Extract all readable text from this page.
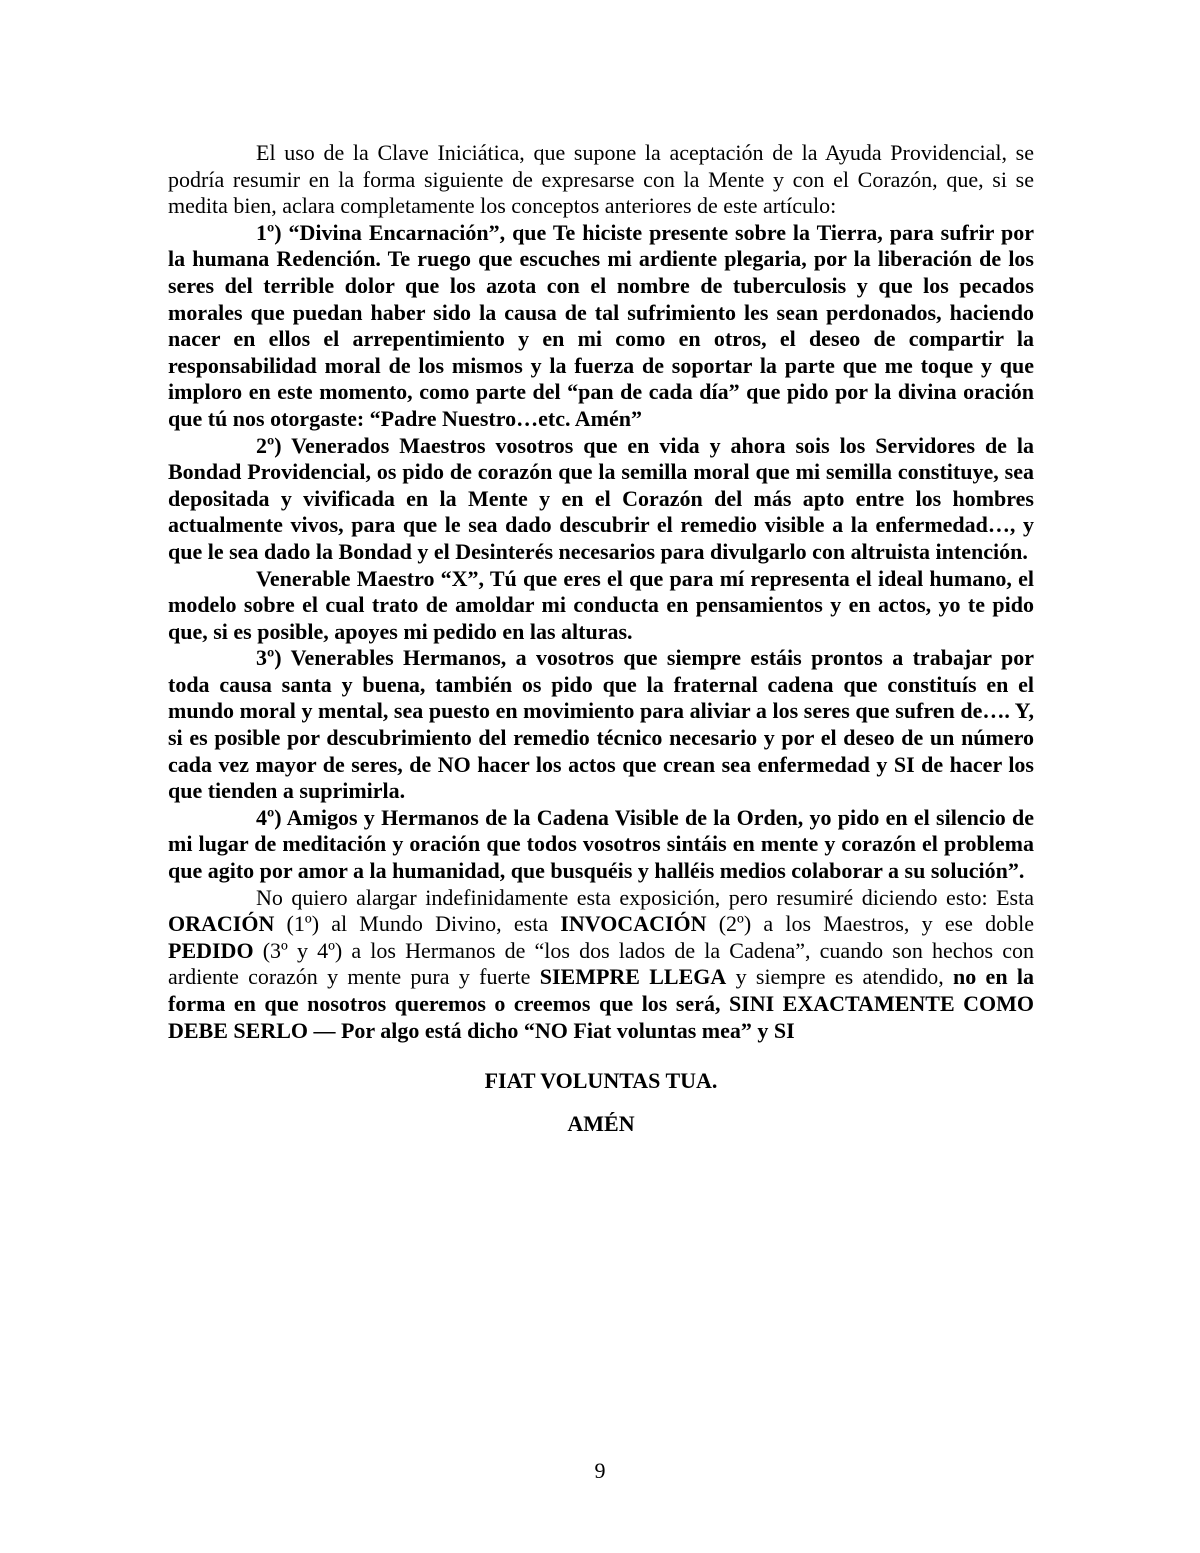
El uso de la Clave Iniciática, que supone la aceptación de la Ayuda Providencial, se podría resumir en la forma siguiente de expresarse con la Mente y con el Corazón, que, si se medita bien, aclara completamente los conceptos anteriores de este artículo:

1º) “Divina Encarnación”, que Te hiciste presente sobre la Tierra, para sufrir por la humana Redención. Te ruego que escuches mi ardiente plegaria, por la liberación de los seres del terrible dolor que los azota con el nombre de tuberculosis y que los pecados morales que puedan haber sido la causa de tal sufrimiento les sean perdonados, haciendo nacer en ellos el arrepentimiento y en mi como en otros, el deseo de compartir la responsabilidad moral de los mismos y la fuerza de soportar la parte que me toque y que imploro en este momento, como parte del “pan de cada día” que pido por la divina oración que tú nos otorgaste: “Padre Nuestro…etc. Amén”

2º) Venerados Maestros vosotros que en vida y ahora sois los Servidores de la Bondad Providencial, os pido de corazón que la semilla moral que mi semilla constituye, sea depositada y vivificada en la Mente y en el Corazón del más apto entre los hombres actualmente vivos, para que le sea dado descubrir el remedio visible a la enfermedad…, y que le sea dado la Bondad y el Desinterés necesarios para divulgarlo con altruista intención.

Venerable Maestro “X”, Tú que eres el que para mí representa el ideal humano, el modelo sobre el cual trato de amoldar mi conducta en pensamientos y en actos, yo te pido que, si es posible, apoyes mi pedido en las alturas.

3º) Venerables Hermanos, a vosotros que siempre estáis prontos a trabajar por toda causa santa y buena, también os pido que la fraternal cadena que constituís en el mundo moral y mental, sea puesto en movimiento para aliviar a los seres que sufren de…. Y, si es posible por descubrimiento del remedio técnico necesario y por el deseo de un número cada vez mayor de seres, de NO hacer los actos que crean sea enfermedad y SI de hacer los que tienden a suprimirla.

4º) Amigos y Hermanos de la Cadena Visible de la Orden, yo pido en el silencio de mi lugar de meditación y oración que todos vosotros sintáis en mente y corazón el problema que agito por amor a la humanidad, que busquéis y halléis medios colaborar a su solución”.

No quiero alargar indefinidamente esta exposición, pero resumiré diciendo esto: Esta ORACIÓN (1º) al Mundo Divino, esta INVOCACIÓN (2º) a los Maestros, y ese doble PEDIDO (3º y 4º) a los Hermanos de “los dos lados de la Cadena”, cuando son hechos con ardiente corazón y mente pura y fuerte SIEMPRE LLEGA y siempre es atendido, no en la forma en que nosotros queremos o creemos que los será, SINI EXACTAMENTE COMO DEBE SERLO — Por algo está dicho “NO Fiat voluntas mea” y SI

FIAT VOLUNTAS TUA.

AMÉN

9
